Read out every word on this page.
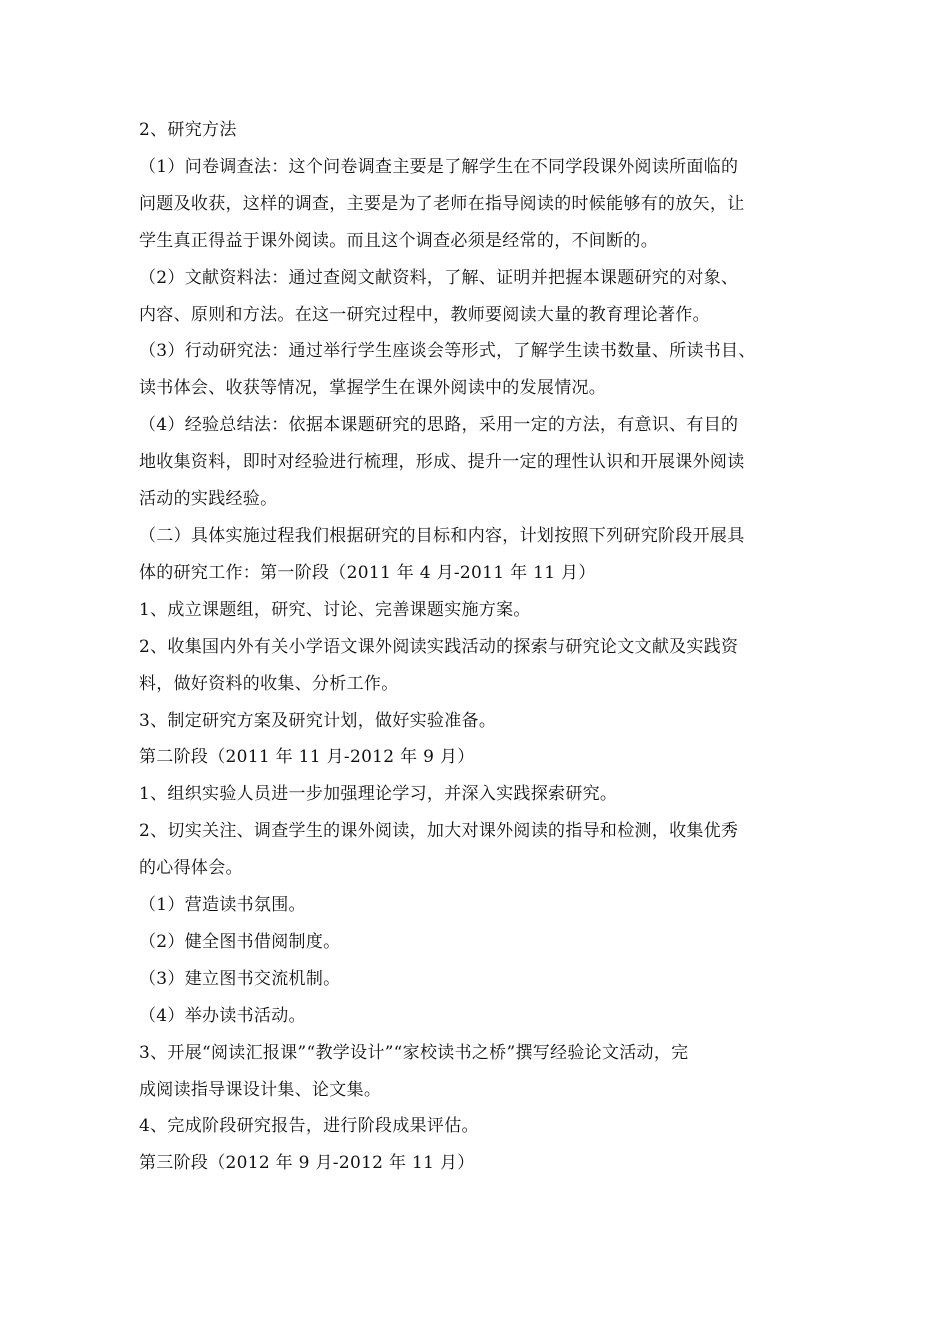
2、研究方法

（1）问卷调查法：这个问卷调查主要是了解学生在不同学段课外阅读所面临的
问题及收获，这样的调查，主要是为了老师在指导阅读的时候能够有的放矢，让
学生真正得益于课外阅读。而且这个调查必须是经常的，不间断的。

（2）文献资料法：通过查阅文献资料，了解、证明并把握本课题研究的对象、
内容、原则和方法。在这一研究过程中，教师要阅读大量的教育理论著作。

（3）行动研究法：通过举行学生座谈会等形式，了解学生读书数量、所读书目、
读书体会、收获等情况，掌握学生在课外阅读中的发展情况。

（4）经验总结法：依据本课题研究的思路，采用一定的方法，有意识、有目的
地收集资料，即时对经验进行梳理，形成、提升一定的理性认识和开展课外阅读
活动的实践经验。

（二）具体实施过程我们根据研究的目标和内容，计划按照下列研究阶段开展具
体的研究工作：第一阶段（2011 年 4 月-2011 年 11 月）

1、成立课题组，研究、讨论、完善课题实施方案。

2、收集国内外有关小学语文课外阅读实践活动的探索与研究论文文献及实践资
料，做好资料的收集、分析工作。

3、制定研究方案及研究计划，做好实验准备。

第二阶段（2011 年 11 月-2012 年 9 月）

1、组织实验人员进一步加强理论学习，并深入实践探索研究。

2、切实关注、调查学生的课外阅读，加大对课外阅读的指导和检测，收集优秀
的心得体会。

（1）营造读书氛围。

（2）健全图书借阅制度。

（3）建立图书交流机制。

（4）举办读书活动。

3、开展“阅读汇报课”“教学设计”“家校读书之桥”撰写经验论文活动，完
成阅读指导课设计集、论文集。

4、完成阶段研究报告，进行阶段成果评估。

第三阶段（2012 年 9 月-2012 年 11 月）
